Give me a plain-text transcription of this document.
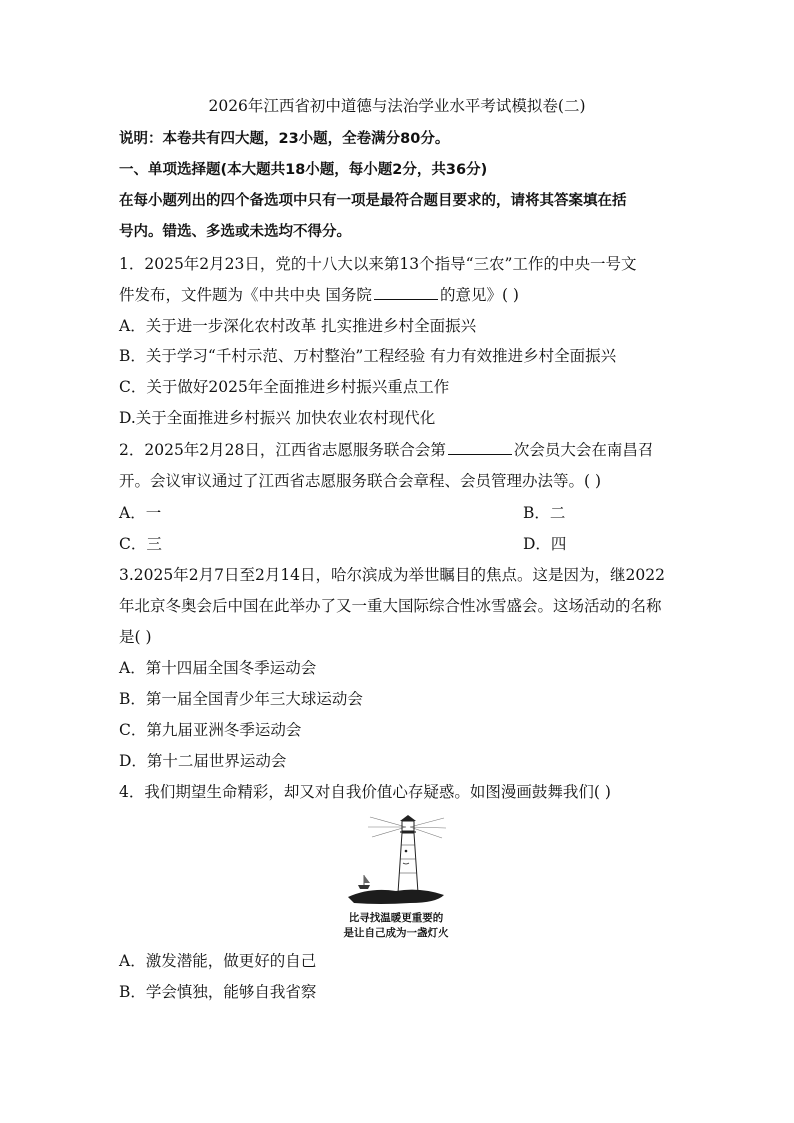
2026年江西省初中道德与法治学业水平考试模拟卷(二)
说明：本卷共有四大题，23小题，全卷满分80分。
一、单项选择题(本大题共18小题，每小题2分，共36分)
在每小题列出的四个备选项中只有一项是最符合题目要求的，请将其答案填在括
号内。错选、多选或未选均不得分。
1．2025年2月23日，党的十八大以来第13个指导“三农”工作的中央一号文
件发布，文件题为《中共中央 国务院	的意见》( )
A．关于进一步深化农村改革 扎实推进乡村全面振兴
B．关于学习“千村示范、万村整治”工程经验 有力有效推进乡村全面振兴
C．关于做好2025年全面推进乡村振兴重点工作
D.关于全面推进乡村振兴 加快农业农村现代化
2．2025年2月28日，江西省志愿服务联合会第	次会员大会在南昌召
开。会议审议通过了江西省志愿服务联合会章程、会员管理办法等。( )
A．一	B．二
C．三	D．四
3.2025年2月7日至2月14日，哈尔滨成为举世瞩目的焦点。这是因为，继2022
年北京冬奥会后中国在此举办了又一重大国际综合性冰雪盛会。这场活动的名称
是( )
A．第十四届全国冬季运动会
B．第一届全国青少年三大球运动会
C．第九届亚洲冬季运动会
D．第十二届世界运动会
4．我们期望生命精彩，却又对自我价值心存疑惑。如图漫画鼓舞我们( )
比寻找温暖更重要的
是让自己成为一盏灯火
A．激发潜能，做更好的自己
B．学会慎独，能够自我省察
